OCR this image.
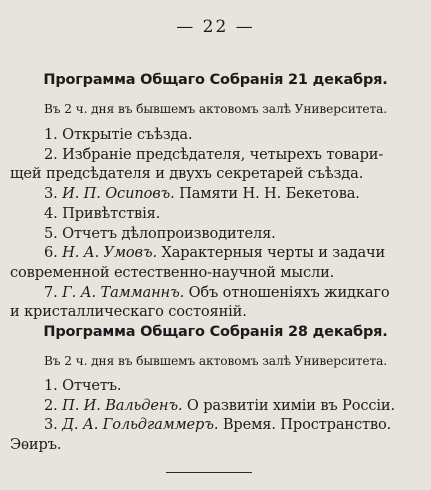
— 22 —
Программа Общаго Собранія 21 декабря.
Въ 2 ч. дня въ бывшемъ актовомъ залѣ Университета.
1. Открытіе съѣзда.
2. Избраніе предсѣдателя, четырехъ товари-
щей предсѣдателя и двухъ секретарей съѣзда.
3. И. П. Осиповъ. Памяти Н. Н. Бекетова.
4. Привѣтствія.
5. Отчетъ дѣлопроизводителя.
6. Н. А. Умовъ. Характерныя черты и задачи
современной естественно-научной мысли.
7. Г. А. Тамманнъ. Объ отношеніяхъ жидкаго
и кристаллическаго состояній.
Программа Общаго Собранія 28 декабря.
Въ 2 ч. дня въ бывшемъ актовомъ залѣ Университета.
1. Отчетъ.
2. П. И. Вальденъ. О развитіи химіи въ Россіи.
3. Д. А. Гольдгаммеръ. Время. Пространство.
Эѳиръ.
